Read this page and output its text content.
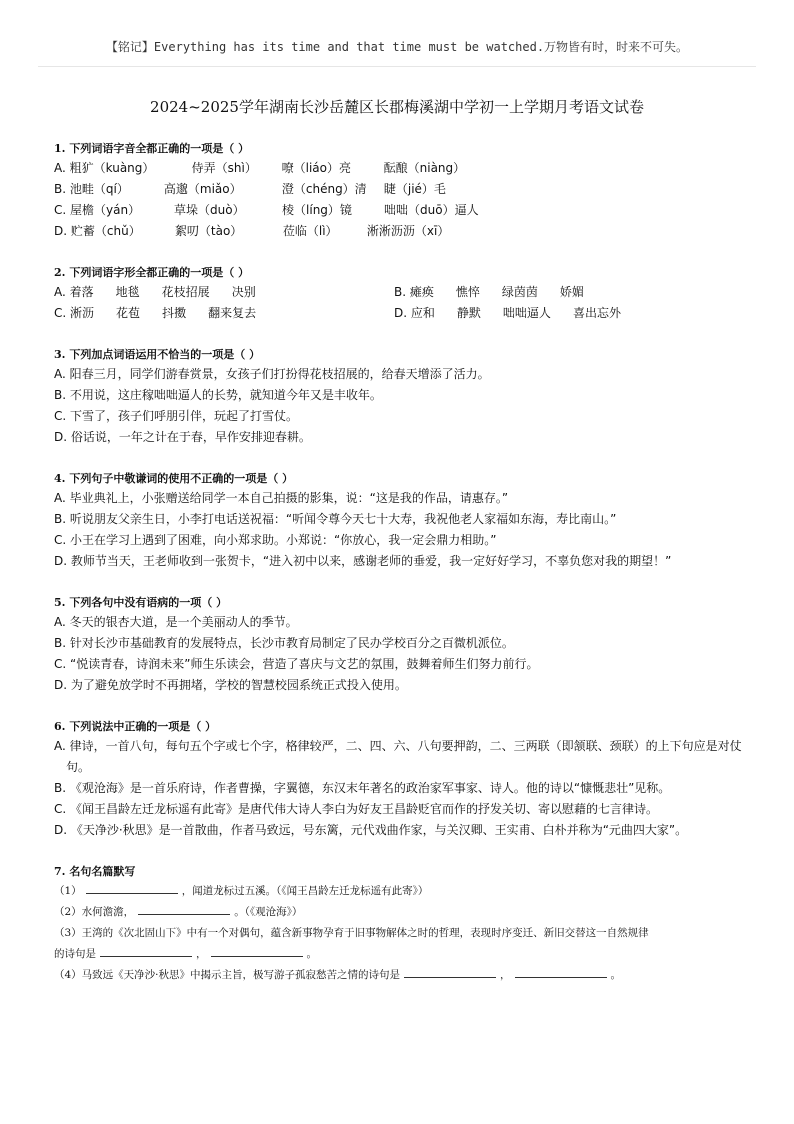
【铭记】Everything has its time and that time must be watched.万物皆有时，时来不可失。
2024~2025学年湖南长沙岳麓区长郡梅溪湖中学初一上学期月考语文试卷
1. 下列词语字音全都正确的一项是（ ）
A. 粗犷（kuàng）	侍弄（shì） 嘹（liáo）亮	酝酿（niàng）
B. 池畦（qí）	高邈（miǎo）	澄（chéng）清 睫（jié）毛
C. 屋檐（yán）	草垛（duò）	棱（líng）镜	咄咄（duō）逼人
D. 贮蓄（chǔ）	絮叨（tào）	莅临（lì） 淅淅沥沥（xī）
2. 下列词语字形全都正确的一项是（ ）
A. 着落 地毯 花枝招展 决别	B. 瘫痪 憔悴 绿茵茵 娇媚
C. 淅沥 花苞 抖擞 翻来复去	D. 应和 静默 咄咄逼人 喜出忘外
3. 下列加点词语运用不恰当的一项是（ ）
A. 阳春三月，同学们游春赏景，女孩子们打扮得花枝招展的，给春天增添了活力。
B. 不用说，这庄稼咄咄逼人的长势，就知道今年又是丰收年。
C. 下雪了，孩子们呼朋引伴，玩起了打雪仗。
D. 俗话说，一年之计在于春，早作安排迎春耕。
4. 下列句子中敬谦词的使用不正确的一项是（ ）
A. 毕业典礼上，小张赠送给同学一本自己拍摄的影集，说：“这是我的作品，请惠存。”
B. 听说朋友父亲生日，小李打电话送祝福：“听闻令尊今天七十大寿，我祝他老人家福如东海，寿比南山。”
C. 小王在学习上遇到了困难，向小郑求助。小郑说：“你放心，我一定会鼎力相助。”
D. 教师节当天，王老师收到一张贺卡，“进入初中以来，感谢老师的垂爱，我一定好好学习，不辜负您对我的期望！”
5. 下列各句中没有语病的一项（ ）
A. 冬天的银杏大道，是一个美丽动人的季节。
B. 针对长沙市基础教育的发展特点，长沙市教育局制定了民办学校百分之百微机派位。
C. “悦读青春，诗润未来”师生乐读会，营造了喜庆与文艺的氛围，鼓舞着师生们努力前行。
D. 为了避免放学时不再拥堵，学校的智慧校园系统正式投入使用。
6. 下列说法中正确的一项是（ ）
A. 律诗，一首八句，每句五个字或七个字，格律较严，二、四、六、八句要押韵，二、三两联（即颔联、颈联）的上下句应是对仗句。
B. 《观沧海》是一首乐府诗，作者曹操，字翼德，东汉末年著名的政治家军事家、诗人。他的诗以“慷慨悲壮”见称。
C. 《闻王昌龄左迁龙标遥有此寄》是唐代伟大诗人李白为好友王昌龄贬官而作的抒发关切、寄以慰藉的七言律诗。
D. 《天净沙·秋思》是一首散曲，作者马致远，号东篱，元代戏曲作家，与关汉卿、王实甫、白朴并称为“元曲四大家”。
7. 名句名篇默写
（1）	，闻道龙标过五溪。（《闻王昌龄左迁龙标遥有此寄》）
（2）水何澹澹，	。（《观沧海》）
（3）王湾的《次北固山下》中有一个对偶句，蕴含新事物孕育于旧事物解体之时的哲理，表现时序变迁、新旧交替这一自然规律
的诗句是	，	。
（4）马致远《天净沙·秋思》中揭示主旨，极写游子孤寂愁苦之情的诗句是	，	。
